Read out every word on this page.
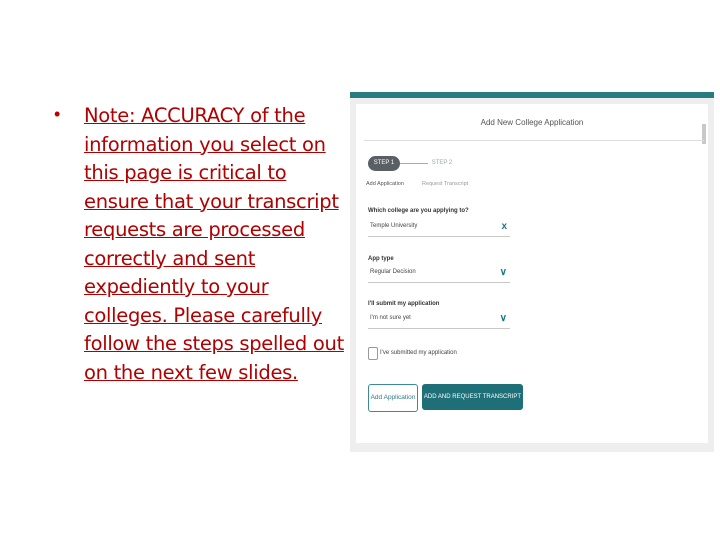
• Note: ACCURACY of the information you select on this page is critical to ensure that your transcript requests are processed correctly and sent expediently to your colleges. Please carefully follow the steps spelled out on the next few slides.
Add New College Application
STEP 1	STEP 2
Add Application	Request Transcript
Which college are you applying to?
Temple University	x
App type
Regular Decision	∨
I'll submit my application
I'm not sure yet	∨
I've submitted my application
Add Application	ADD AND REQUEST TRANSCRIPT
